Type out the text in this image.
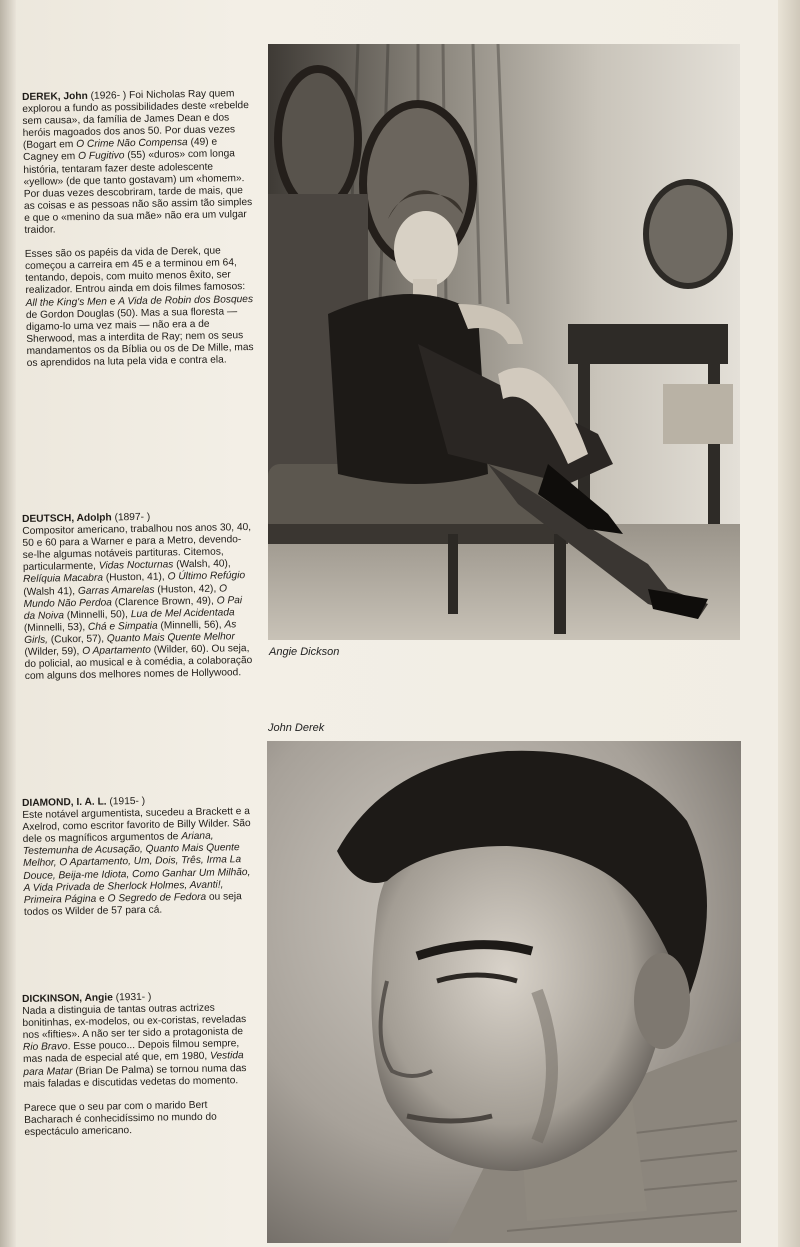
DEREK, John (1926- ) Foi Nicholas Ray quem explorou a fundo as possibilidades deste «rebelde sem causa», da família de James Dean e dos heróis magoados dos anos 50. Por duas vezes (Bogart em O Crime Não Compensa (49) e Cagney em O Fugitivo (55) «duros» com longa história, tentaram fazer deste adolescente «yellow» (de que tanto gostavam) um «homem». Por duas vezes descobriram, tarde de mais, que as coisas e as pessoas não são assim tão simples e que o «menino da sua mãe» não era um vulgar traidor.

Esses são os papéis da vida de Derek, que começou a carreira em 45 e a terminou em 64, tentando, depois, com muito menos êxito, ser realizador. Entrou ainda em dois filmes famosos: All the King's Men e A Vida de Robin dos Bosques de Gordon Douglas (50). Mas a sua floresta —digamo-lo uma vez mais — não era a de Sherwood, mas a interdita de Ray; nem os seus mandamentos os da Bíblia ou os de De Mille, mas os aprendidos na luta pela vida e contra ela.

DEUTSCH, Adolph (1897- )
Compositor americano, trabalhou nos anos 30, 40, 50 e 60 para a Warner e para a Metro, devendo-se-lhe algumas notáveis partituras. Citemos, particularmente, Vidas Nocturnas (Walsh, 40), Relíquia Macabra (Huston, 41), O Último Refúgio (Walsh 41), Garras Amarelas (Huston, 42), O Mundo Não Perdoa (Clarence Brown, 49), O Pai da Noiva (Minnelli, 50), Lua de Mel Acidentada (Minnelli, 53), Chá e Simpatia (Minnelli, 56), As Girls, (Cukor, 57), Quanto Mais Quente Melhor (Wilder, 59), O Apartamento (Wilder, 60). Ou seja, do policial, ao musical e à comédia, a colaboração com alguns dos melhores nomes de Hollywood.

DIAMOND, I. A. L. (1915- )
Este notável argumentista, sucedeu a Brackett e a Axelrod, como escritor favorito de Billy Wilder. São dele os magníficos argumentos de Ariana, Testemunha de Acusação, Quanto Mais Quente Melhor, O Apartamento, Um, Dois, Três, Irma La Douce, Beija-me Idiota, Como Ganhar Um Milhão, A Vida Privada de Sherlock Holmes, Avanti!, Primeira Página e O Segredo de Fedora ou seja todos os Wilder de 57 para cá.

DICKINSON, Angie (1931- )
Nada a distinguia de tantas outras actrizes bonitinhas, ex-modelos, ou ex-coristas, reveladas nos «fifties». A não ser ter sido a protagonista de Rio Bravo. Esse pouco... Depois filmou sempre, mas nada de especial até que, em 1980, Vestida para Matar (Brian De Palma) se tornou numa das mais faladas e discutidas vedetas do momento.

Parece que o seu par com o marido Bert Bacharach é conhecidíssimo no mundo do espectáculo americano.

Angie Dickson
John Derek
